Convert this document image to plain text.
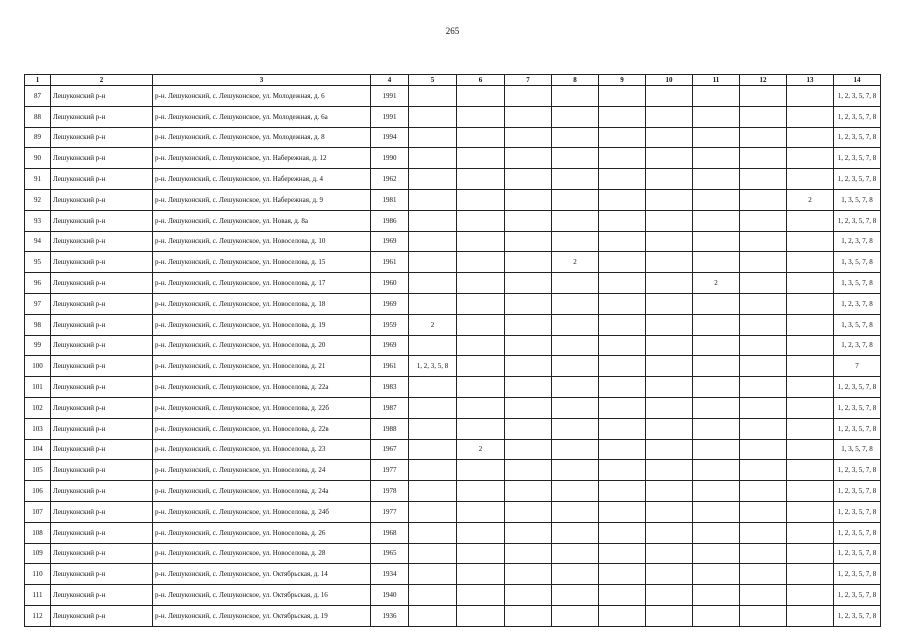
265
1	2	3	4	5	6	7	8	9	10	11	12	13	14
87	Лешуконский р-н	р-н. Лешуконский, с. Лешуконское, ул. Молодежная, д. 6	1991										1, 2, 3, 5, 7, 8
88	Лешуконский р-н	р-н. Лешуконский, с. Лешуконское, ул. Молодежная, д. 6а	1991										1, 2, 3, 5, 7, 8
89	Лешуконский р-н	р-н. Лешуконский, с. Лешуконское, ул. Молодежная, д. 8	1994										1, 2, 3, 5, 7, 8
90	Лешуконский р-н	р-н. Лешуконский, с. Лешуконское, ул. Набережная, д. 12	1990										1, 2, 3, 5, 7, 8
91	Лешуконский р-н	р-н. Лешуконский, с. Лешуконское, ул. Набережная, д. 4	1962										1, 2, 3, 5, 7, 8
92	Лешуконский р-н	р-н. Лешуконский, с. Лешуконское, ул. Набережная, д. 9	1981									2	1, 3, 5, 7, 8
93	Лешуконский р-н	р-н. Лешуконский, с. Лешуконское, ул. Новая, д. 8а	1986										1, 2, 3, 5, 7, 8
94	Лешуконский р-н	р-н. Лешуконский, с. Лешуконское, ул. Новоселова, д. 10	1969										1, 2, 3, 7, 8
95	Лешуконский р-н	р-н. Лешуконский, с. Лешуконское, ул. Новоселова, д. 15	1961				2						1, 3, 5, 7, 8
96	Лешуконский р-н	р-н. Лешуконский, с. Лешуконское, ул. Новоселова, д. 17	1960							2			1, 3, 5, 7, 8
97	Лешуконский р-н	р-н. Лешуконский, с. Лешуконское, ул. Новоселова, д. 18	1969										1, 2, 3, 7, 8
98	Лешуконский р-н	р-н. Лешуконский, с. Лешуконское, ул. Новоселова, д. 19	1959	2									1, 3, 5, 7, 8
99	Лешуконский р-н	р-н. Лешуконский, с. Лешуконское, ул. Новоселова, д. 20	1969										1, 2, 3, 7, 8
100	Лешуконский р-н	р-н. Лешуконский, с. Лешуконское, ул. Новоселова, д. 21	1961	1, 2, 3, 5, 8									7
101	Лешуконский р-н	р-н. Лешуконский, с. Лешуконское, ул. Новоселова, д. 22а	1983										1, 2, 3, 5, 7, 8
102	Лешуконский р-н	р-н. Лешуконский, с. Лешуконское, ул. Новоселова, д. 22б	1987										1, 2, 3, 5, 7, 8
103	Лешуконский р-н	р-н. Лешуконский, с. Лешуконское, ул. Новоселова, д. 22в	1988										1, 2, 3, 5, 7, 8
104	Лешуконский р-н	р-н. Лешуконский, с. Лешуконское, ул. Новоселова, д. 23	1967		2								1, 3, 5, 7, 8
105	Лешуконский р-н	р-н. Лешуконский, с. Лешуконское, ул. Новоселова, д. 24	1977										1, 2, 3, 5, 7, 8
106	Лешуконский р-н	р-н. Лешуконский, с. Лешуконское, ул. Новоселова, д. 24а	1978										1, 2, 3, 5, 7, 8
107	Лешуконский р-н	р-н. Лешуконский, с. Лешуконское, ул. Новоселова, д. 24б	1977										1, 2, 3, 5, 7, 8
108	Лешуконский р-н	р-н. Лешуконский, с. Лешуконское, ул. Новоселова, д. 26	1968										1, 2, 3, 5, 7, 8
109	Лешуконский р-н	р-н. Лешуконский, с. Лешуконское, ул. Новоселова, д. 28	1965										1, 2, 3, 5, 7, 8
110	Лешуконский р-н	р-н. Лешуконский, с. Лешуконское, ул. Октябрьская, д. 14	1934										1, 2, 3, 5, 7, 8
111	Лешуконский р-н	р-н. Лешуконский, с. Лешуконское, ул. Октябрьская, д. 16	1940										1, 2, 3, 5, 7, 8
112	Лешуконский р-н	р-н. Лешуконский, с. Лешуконское, ул. Октябрьская, д. 19	1936										1, 2, 3, 5, 7, 8
